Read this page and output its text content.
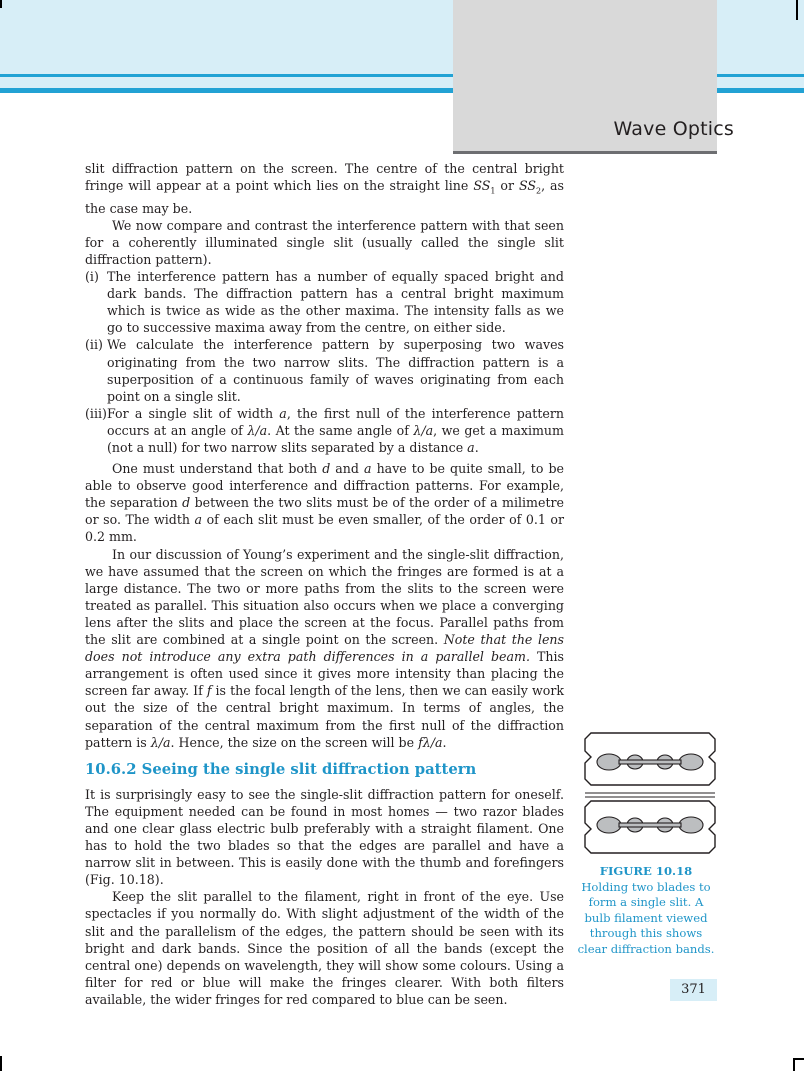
Wave Optics

slit diffraction pattern on the screen. The centre of the central bright fringe will appear at a point which lies on the straight line $SS_1$ or $SS_2$, as the case may be.

We now compare and contrast the interference pattern with that seen for a coherently illuminated single slit (usually called the single slit diffraction pattern).

(i) The interference pattern has a number of equally spaced bright and dark bands. The diffraction pattern has a central bright maximum which is twice as wide as the other maxima. The intensity falls as we go to successive maxima away from the centre, on either side.
(ii) We calculate the interference pattern by superposing two waves originating from the two narrow slits. The diffraction pattern is a superposition of a continuous family of waves originating from each point on a single slit.
(iii) For a single slit of width a, the first null of the interference pattern occurs at an angle of λ/a. At the same angle of λ/a, we get a maximum (not a null) for two narrow slits separated by a distance a.

One must understand that both d and a have to be quite small, to be able to observe good interference and diffraction patterns. For example, the separation d between the two slits must be of the order of a milimetre or so. The width a of each slit must be even smaller, of the order of 0.1 or 0.2 mm.

In our discussion of Young’s experiment and the single-slit diffraction, we have assumed that the screen on which the fringes are formed is at a large distance. The two or more paths from the slits to the screen were treated as parallel. This situation also occurs when we place a converging lens after the slits and place the screen at the focus. Parallel paths from the slit are combined at a single point on the screen. Note that the lens does not introduce any extra path differences in a parallel beam. This arrangement is often used since it gives more intensity than placing the screen far away. If f is the focal length of the lens, then we can easily work out the size of the central bright maximum. In terms of angles, the separation of the central maximum from the first null of the diffraction pattern is λ/a. Hence, the size on the screen will be fλ/a.

10.6.2 Seeing the single slit diffraction pattern

It is surprisingly easy to see the single-slit diffraction pattern for oneself. The equipment needed can be found in most homes — two razor blades and one clear glass electric bulb preferably with a straight filament. One has to hold the two blades so that the edges are parallel and have a narrow slit in between. This is easily done with the thumb and forefingers (Fig. 10.18).

Keep the slit parallel to the filament, right in front of the eye. Use spectacles if you normally do. With slight adjustment of the width of the slit and the parallelism of the edges, the pattern should be seen with its bright and dark bands. Since the position of all the bands (except the central one) depends on wavelength, they will show some colours. Using a filter for red or blue will make the fringes clearer. With both filters available, the wider fringes for red compared to blue can be seen.

FIGURE 10.18
Holding two blades to form a single slit. A bulb filament viewed through this shows clear diffraction bands.
371
